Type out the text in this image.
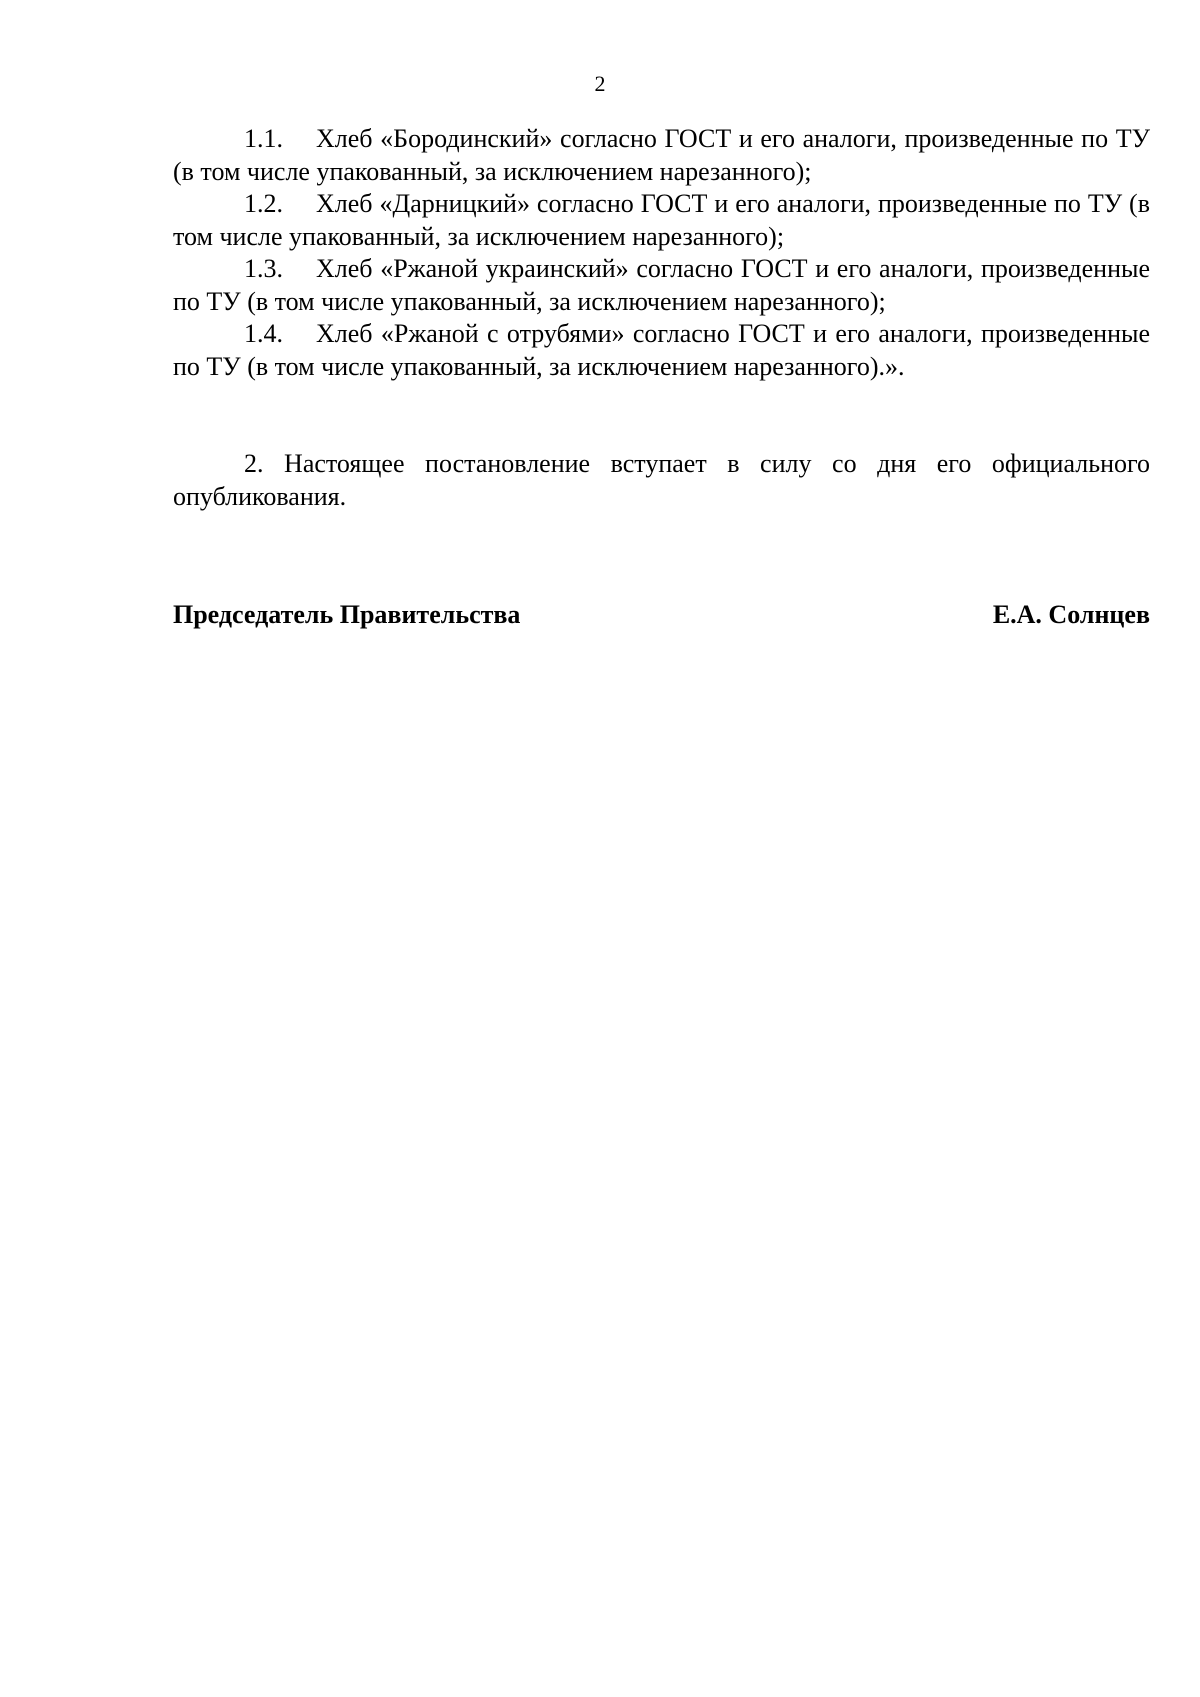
2

1.1. Хлеб «Бородинский» согласно ГОСТ и его аналоги, произведенные по ТУ (в том числе упакованный, за исключением нарезанного);

1.2. Хлеб «Дарницкий» согласно ГОСТ и его аналоги, произведенные по ТУ (в том числе упакованный, за исключением нарезанного);

1.3. Хлеб «Ржаной украинский» согласно ГОСТ и его аналоги, произведенные по ТУ (в том числе упакованный, за исключением нарезанного);

1.4. Хлеб «Ржаной с отрубями» согласно ГОСТ и его аналоги, произведенные по ТУ (в том числе упакованный, за исключением нарезанного).».

2. Настоящее постановление вступает в силу со дня его официального опубликования.

Председатель Правительства	Е.А. Солнцев
